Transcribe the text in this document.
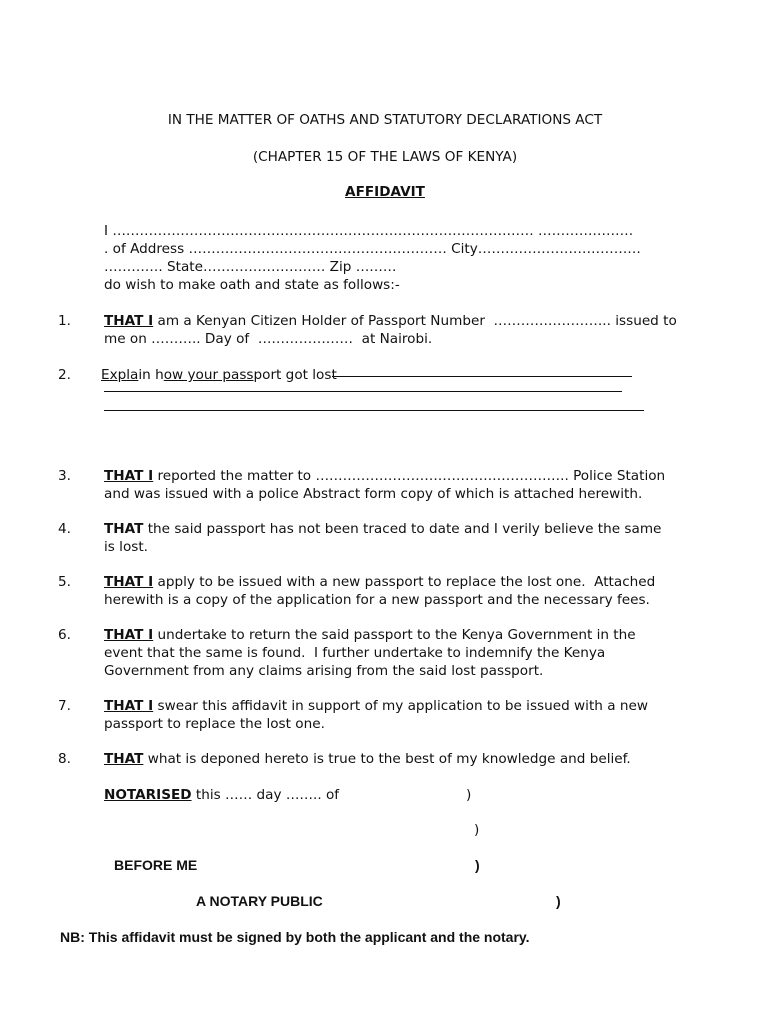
IN THE MATTER OF OATHS AND STATUTORY DECLARATIONS ACT
(CHAPTER 15 OF THE LAWS OF KENYA)
AFFIDAVIT
I ………………………………………………………………………………… …………………
. of Address ………………………………………………… City………………………………
…………. State……………………… Zip ………
do wish to make oath and state as follows:-
1. THAT I am a Kenyan Citizen Holder of Passport Number  …………………….. issued to
me on ……….. Day of  …………………  at Nairobi.
2. Explain how your passport got lost
3. THAT I reported the matter to ……………………………………………….. Police Station
and was issued with a police Abstract form copy of which is attached herewith.
4. THAT the said passport has not been traced to date and I verily believe the same
is lost.
5. THAT I apply to be issued with a new passport to replace the lost one.  Attached
herewith is a copy of the application for a new passport and the necessary fees.
6. THAT I undertake to return the said passport to the Kenya Government in the
event that the same is found.  I further undertake to indemnify the Kenya
Government from any claims arising from the said lost passport.
7. THAT I swear this affidavit in support of my application to be issued with a new
passport to replace the lost one.
8. THAT what is deponed hereto is true to the best of my knowledge and belief.
NOTARISED this …… day …….. of	)
)
BEFORE ME	)
A NOTARY PUBLIC	)
NB: This affidavit must be signed by both the applicant and the notary.
